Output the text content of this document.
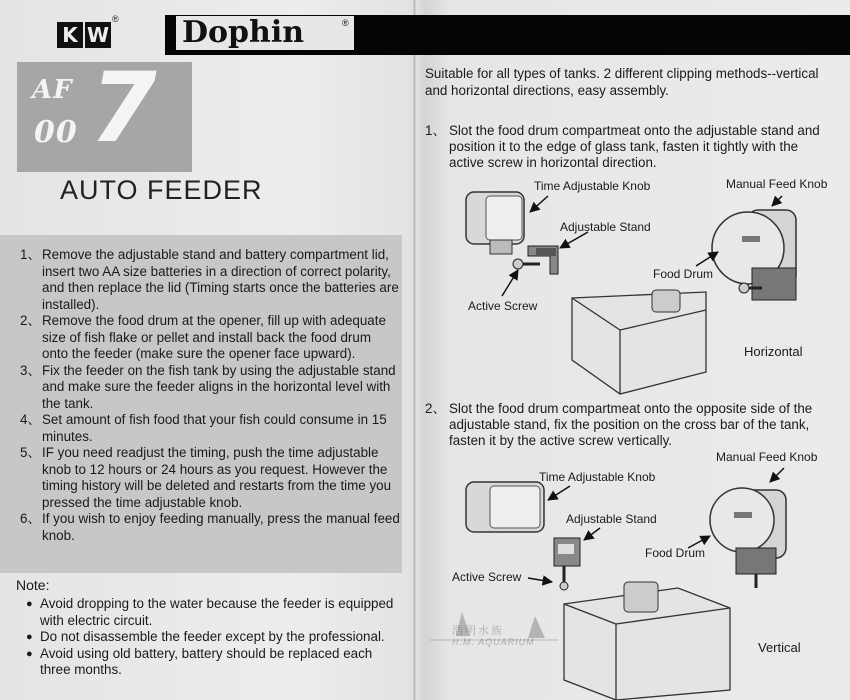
K W
® Dophin	®
AF
00 7
AUTO FEEDER
1、 Remove the adjustable stand and battery compartment lid, insert two AA size batteries in a direction of correct polarity, and then replace the lid (Timing starts once the batteries are installed).
2、 Remove the food drum at the opener, fill up with adequate size of fish flake or pellet and install back the food drum onto the feeder (make sure the opener face upward).
3、 Fix the feeder on the fish tank by using the adjustable stand and make sure the feeder aligns in the horizontal level with the tank.
4、 Set amount of fish food that your fish could consume in 15 minutes.
5、 IF you need readjust the timing, push the time adjustable knob to 12 hours or 24 hours as you request. However the timing history will be deleted and restarts from the time you pressed the time adjustable knob.
6、 If you wish to enjoy feeding manually, press the manual feed knob.
Note:
● Avoid dropping to the water because the feeder is equipped with electric circuit.
● Do not disassemble the feeder except by the professional.
● Avoid using old battery, battery should be replaced each three months.
Suitable for all types of tanks. 2 different clipping methods--vertical and horizontal directions, easy assembly.
1、 Slot the food drum compartmeat onto the adjustable stand and position it to the edge of glass tank, fasten it tightly with the active screw in horizontal direction.
2、 Slot the food drum compartmeat onto the opposite side of the adjustable stand, fix the position on the cross bar of the tank, fasten it by the active screw vertically.
Time Adjustable Knob	Manual Feed Knob
Adjustable Stand
Food Drum
Active Screw
Horizontal
Time Adjustable Knob
Manual Feed Knob
Adjustable Stand
Food Drum
Active Screw
Vertical
浩明水族
H.M. AQUARIUM
